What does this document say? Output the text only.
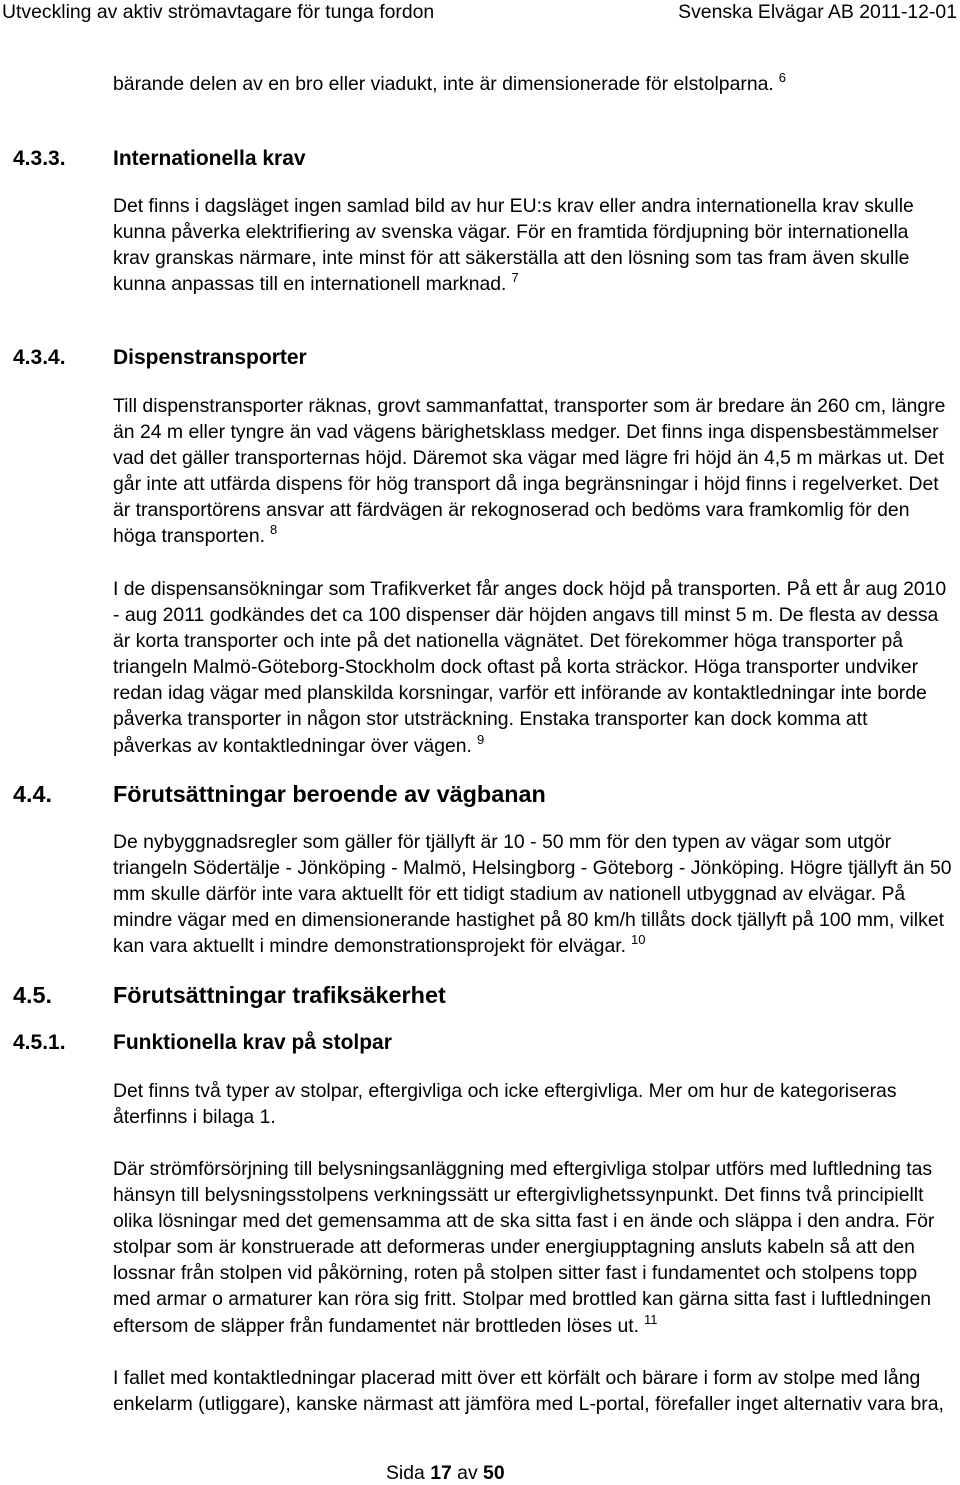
Utveckling av aktiv strömavtagare för tunga fordon	Svenska Elvägar AB 2011-12-01
bärande delen av en bro eller viadukt, inte är dimensionerade för elstolparna. $^6$
4.3.3. Internationella krav
Det finns i dagsläget ingen samlad bild av hur EU:s krav eller andra internationella krav skulle
kunna påverka elektrifiering av svenska vägar. För en framtida fördjupning bör internationella
krav granskas närmare, inte minst för att säkerställa att den lösning som tas fram även skulle
kunna anpassas till en internationell marknad. $^7$
4.3.4. Dispenstransporter
Till dispenstransporter räknas, grovt sammanfattat, transporter som är bredare än 260 cm, längre
än 24 m eller tyngre än vad vägens bärighetsklass medger. Det finns inga dispensbestämmelser
vad det gäller transporternas höjd. Däremot ska vägar med lägre fri höjd än 4,5 m märkas ut. Det
går inte att utfärda dispens för hög transport då inga begränsningar i höjd finns i regelverket. Det
är transportörens ansvar att färdvägen är rekognoserad och bedöms vara framkomlig för den
höga transporten. $^8$
I de dispensansökningar som Trafikverket får anges dock höjd på transporten. På ett år aug 2010
- aug 2011 godkändes det ca 100 dispenser där höjden angavs till minst 5 m. De flesta av dessa
är korta transporter och inte på det nationella vägnätet. Det förekommer höga transporter på
triangeln Malmö-Göteborg-Stockholm dock oftast på korta sträckor. Höga transporter undviker
redan idag vägar med planskilda korsningar, varför ett införande av kontaktledningar inte borde
påverka transporter in någon stor utsträckning. Enstaka transporter kan dock komma att
påverkas av kontaktledningar över vägen. $^9$
4.4.	Förutsättningar beroende av vägbanan
De nybyggnadsregler som gäller för tjällyft är 10 - 50 mm för den typen av vägar som utgör
triangeln Södertälje - Jönköping - Malmö, Helsingborg - Göteborg - Jönköping. Högre tjällyft än 50
mm skulle därför inte vara aktuellt för ett tidigt stadium av nationell utbyggnad av elvägar. På
mindre vägar med en dimensionerande hastighet på 80 km/h tillåts dock tjällyft på 100 mm, vilket
kan vara aktuellt i mindre demonstrationsprojekt för elvägar. $^{10}$
4.5.	Förutsättningar trafiksäkerhet
4.5.1. Funktionella krav på stolpar
Det finns två typer av stolpar, eftergivliga och icke eftergivliga. Mer om hur de kategoriseras
återfinns i bilaga 1.
Där strömförsörjning till belysningsanläggning med eftergivliga stolpar utförs med luftledning tas
hänsyn till belysningsstolpens verkningssätt ur eftergivlighetssynpunkt. Det finns två principiellt
olika lösningar med det gemensamma att de ska sitta fast i en ände och släppa i den andra. För
stolpar som är konstruerade att deformeras under energiupptagning ansluts kabeln så att den
lossnar från stolpen vid påkörning, roten på stolpen sitter fast i fundamentet och stolpens topp
med armar o armaturer kan röra sig fritt. Stolpar med brottled kan gärna sitta fast i luftledningen
eftersom de släpper från fundamentet när brottleden löses ut. $^{11}$
I fallet med kontaktledningar placerad mitt över ett körfält och bärare i form av stolpe med lång
enkelarm (utliggare), kanske närmast att jämföra med L-portal, förefaller inget alternativ vara bra,
Sida 17 av 50
